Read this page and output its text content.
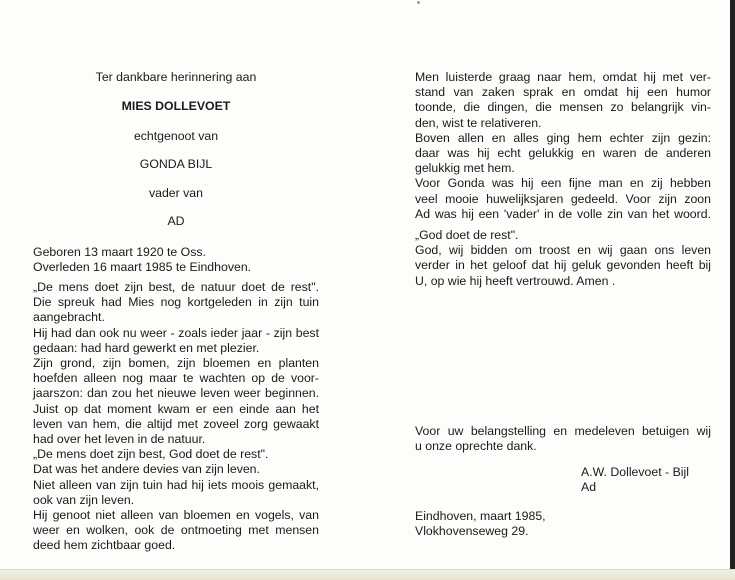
Ter dankbare herinnering aan
MIES DOLLEVOET
echtgenoot van
GONDA BIJL
vader van
AD
Geboren 13 maart 1920 te Oss.
Overleden 16 maart 1985 te Eindhoven.
„De mens doet zijn best, de natuur doet de rest".
Die spreuk had Mies nog kortgeleden in zijn tuin
aangebracht.
Hij had dan ook nu weer - zoals ieder jaar - zijn best
gedaan: had hard gewerkt en met plezier.
Zijn grond, zijn bomen, zijn bloemen en planten
hoefden alleen nog maar te wachten op de voor-
jaarszon: dan zou het nieuwe leven weer beginnen.
Juist op dat moment kwam er een einde aan het
leven van hem, die altijd met zoveel zorg gewaakt
had over het leven in de natuur.
„De mens doet zijn best, God doet de rest".
Dat was het andere devies van zijn leven.
Niet alleen van zijn tuin had hij iets moois gemaakt,
ook van zijn leven.
Hij genoot niet alleen van bloemen en vogels, van
weer en wolken, ook de ontmoeting met mensen
deed hem zichtbaar goed.
Men luisterde graag naar hem, omdat hij met ver-
stand van zaken sprak en omdat hij een humor
toonde, die dingen, die mensen zo belangrijk vin-
den, wist te relativeren.
Boven allen en alles ging hem echter zijn gezin:
daar was hij echt gelukkig en waren de anderen
gelukkig met hem.
Voor Gonda was hij een fijne man en zij hebben
veel mooie huwelijksjaren gedeeld. Voor zijn zoon
Ad was hij een 'vader' in de volle zin van het woord.
„God doet de rest".
God, wij bidden om troost en wij gaan ons leven
verder in het geloof dat hij geluk gevonden heeft bij
U, op wie hij heeft vertrouwd. Amen .
Voor uw belangstelling en medeleven betuigen wij
u onze oprechte dank.
A.W. Dollevoet - Bijl
Ad
Eindhoven, maart 1985,
Vlokhovenseweg 29.
